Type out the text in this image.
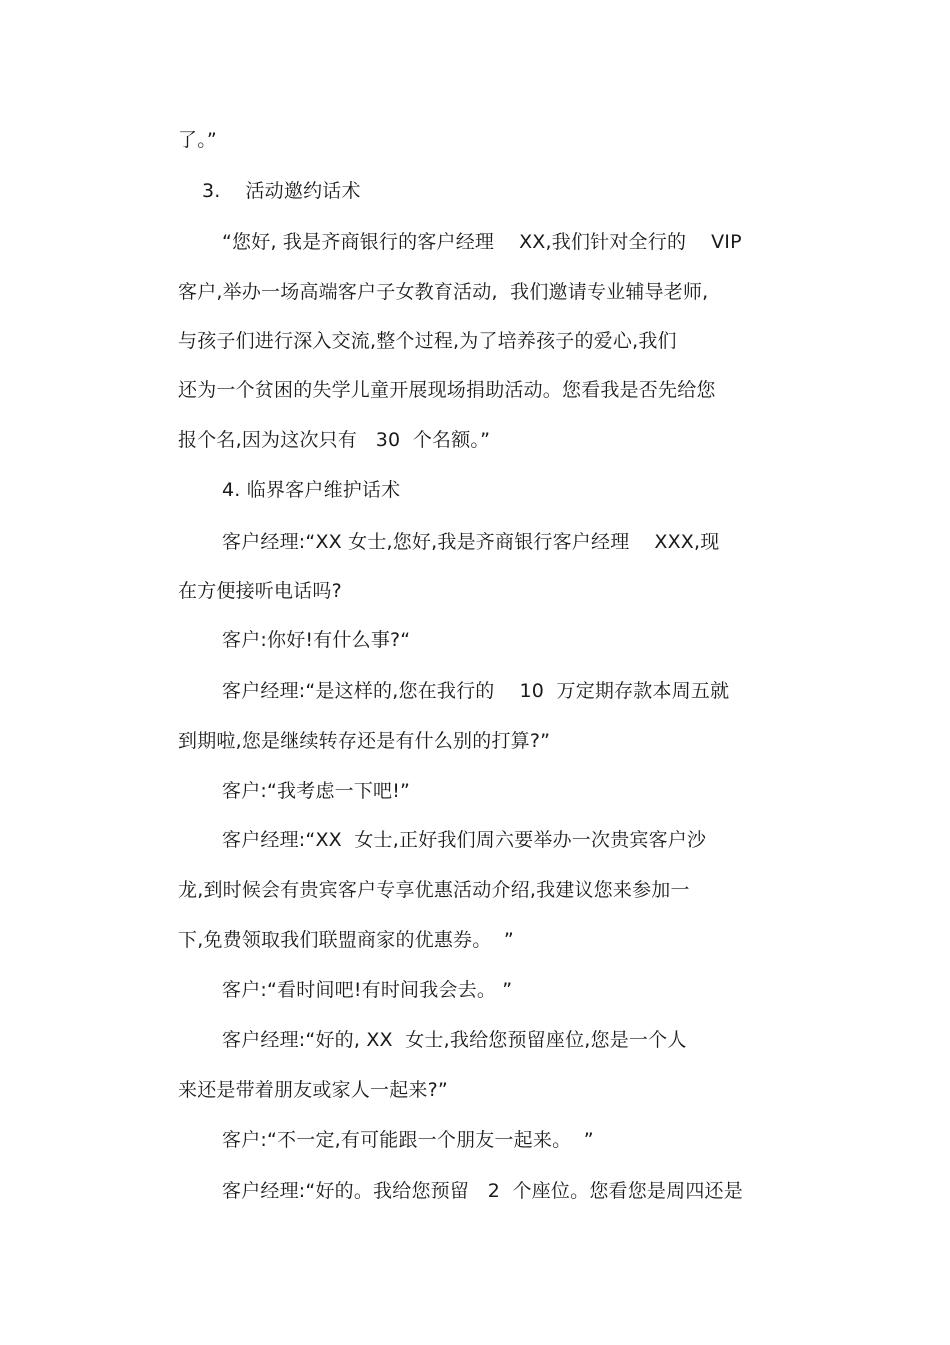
了。”
3.    活动邀约话术
“您好, 我是齐商银行的客户经理    XX,我们针对全行的    VIP
客户,举办一场高端客户子女教育活动,  我们邀请专业辅导老师,
与孩子们进行深入交流,整个过程,为了培养孩子的爱心,我们
还为一个贫困的失学儿童开展现场捐助活动。您看我是否先给您
报个名,因为这次只有   30  个名额。”
4. 临界客户维护话术
客户经理:“XX 女士,您好,我是齐商银行客户经理    XXX,现
在方便接听电话吗?
客户:你好!有什么事?“
客户经理:“是这样的,您在我行的    10  万定期存款本周五就
到期啦,您是继续转存还是有什么别的打算?”
客户:“我考虑一下吧!”
客户经理:“XX  女士,正好我们周六要举办一次贵宾客户沙
龙,到时候会有贵宾客户专享优惠活动介绍,我建议您来参加一
下,免费领取我们联盟商家的优惠券。  ”
客户:“看时间吧!有时间我会去。 ”
客户经理:“好的, XX  女士,我给您预留座位,您是一个人
来还是带着朋友或家人一起来?”
客户:“不一定,有可能跟一个朋友一起来。  ”
客户经理:“好的。我给您预留   2  个座位。您看您是周四还是
